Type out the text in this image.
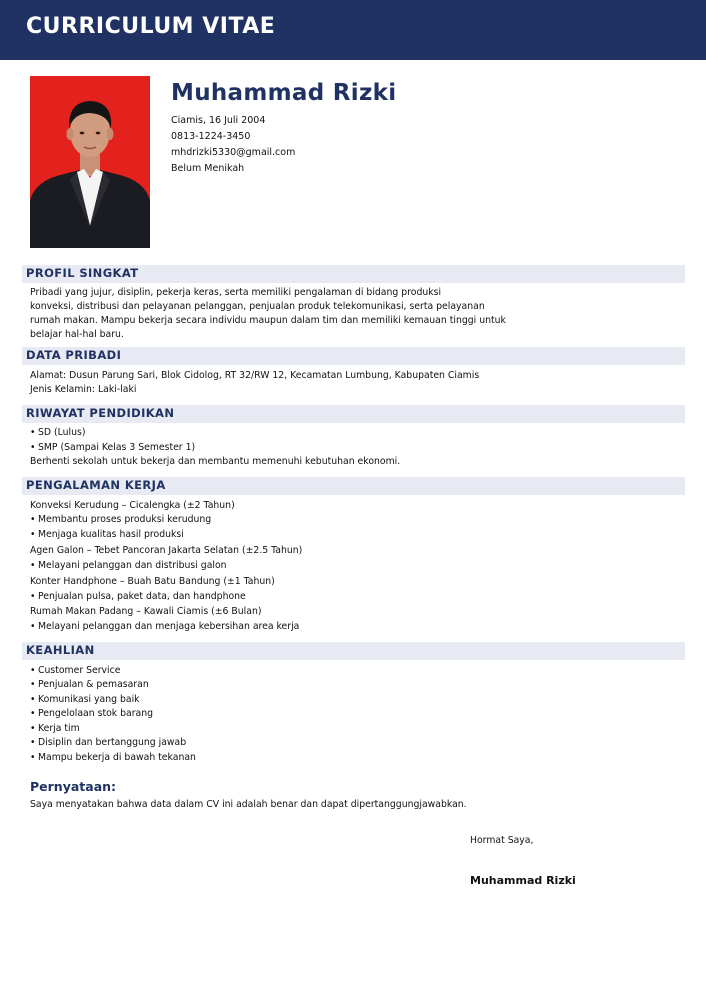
CURRICULUM VITAE
Muhammad Rizki
Ciamis, 16 Juli 2004
0813-1224-3450
mhdrizki5330@gmail.com
Belum Menikah
PROFIL SINGKAT
Pribadi yang jujur, disiplin, pekerja keras, serta memiliki pengalaman di bidang produksi
konveksi, distribusi dan pelayanan pelanggan, penjualan produk telekomunikasi, serta pelayanan
rumah makan. Mampu bekerja secara individu maupun dalam tim dan memiliki kemauan tinggi untuk
belajar hal-hal baru.
DATA PRIBADI
Alamat: Dusun Parung Sari, Blok Cidolog, RT 32/RW 12, Kecamatan Lumbung, Kabupaten Ciamis
Jenis Kelamin: Laki-laki
RIWAYAT PENDIDIKAN
• SD (Lulus)
• SMP (Sampai Kelas 3 Semester 1)
Berhenti sekolah untuk bekerja dan membantu memenuhi kebutuhan ekonomi.
PENGALAMAN KERJA
Konveksi Kerudung – Cicalengka (±2 Tahun)
• Membantu proses produksi kerudung
• Menjaga kualitas hasil produksi
Agen Galon – Tebet Pancoran Jakarta Selatan (±2.5 Tahun)
• Melayani pelanggan dan distribusi galon
Konter Handphone – Buah Batu Bandung (±1 Tahun)
• Penjualan pulsa, paket data, dan handphone
Rumah Makan Padang – Kawali Ciamis (±6 Bulan)
• Melayani pelanggan dan menjaga kebersihan area kerja
KEAHLIAN
• Customer Service
• Penjualan & pemasaran
• Komunikasi yang baik
• Pengelolaan stok barang
• Kerja tim
• Disiplin dan bertanggung jawab
• Mampu bekerja di bawah tekanan
Pernyataan:
Saya menyatakan bahwa data dalam CV ini adalah benar dan dapat dipertanggungjawabkan.
Hormat Saya,
Muhammad Rizki
